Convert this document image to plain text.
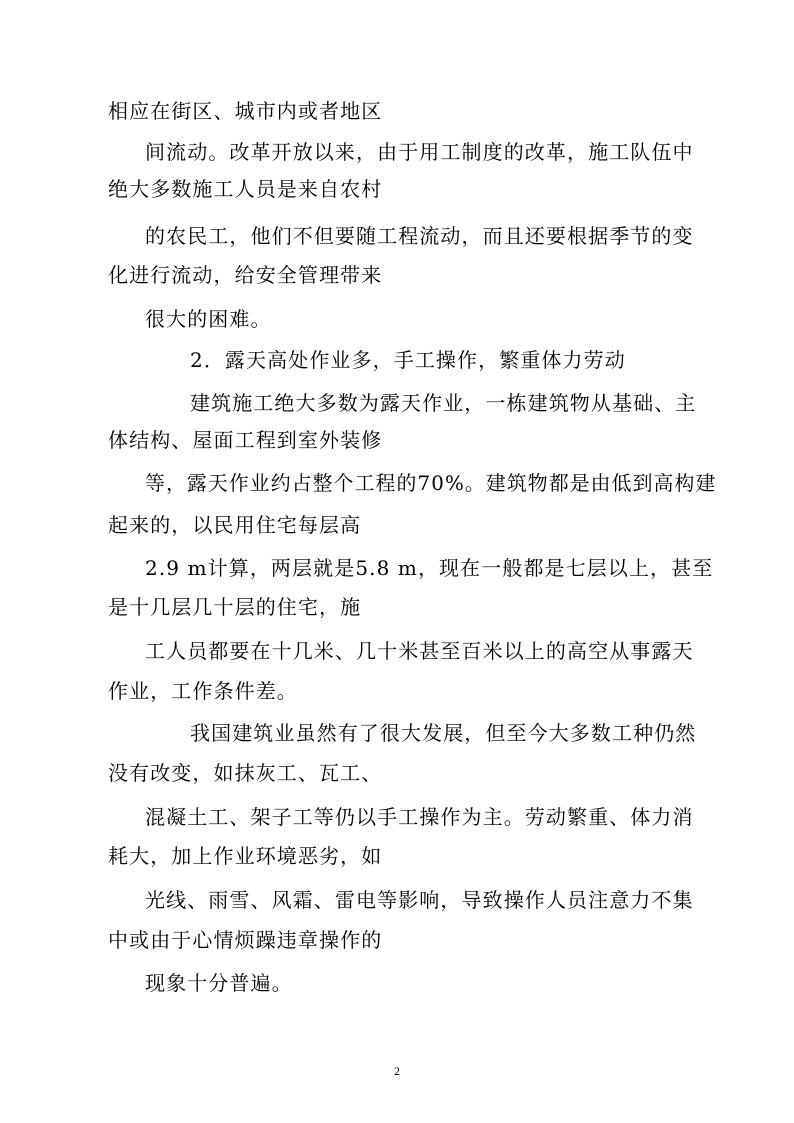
相应在街区、城市内或者地区
间流动。改革开放以来，由于用工制度的改革，施工队伍中
绝大多数施工人员是来自农村
的农民工，他们不但要随工程流动，而且还要根据季节的变
化进行流动，给安全管理带来
很大的困难。
2．露天高处作业多，手工操作，繁重体力劳动
建筑施工绝大多数为露天作业，一栋建筑物从基础、主
体结构、屋面工程到室外装修
等，露天作业约占整个工程的70%。建筑物都是由低到高构建
起来的，以民用住宅每层高
2.9 m计算，两层就是5.8 m，现在一般都是七层以上，甚至
是十几层几十层的住宅，施
工人员都要在十几米、几十米甚至百米以上的高空从事露天
作业，工作条件差。
我国建筑业虽然有了很大发展，但至今大多数工种仍然
没有改变，如抹灰工、瓦工、
混凝土工、架子工等仍以手工操作为主。劳动繁重、体力消
耗大，加上作业环境恶劣，如
光线、雨雪、风霜、雷电等影响，导致操作人员注意力不集
中或由于心情烦躁违章操作的
现象十分普遍。
2
